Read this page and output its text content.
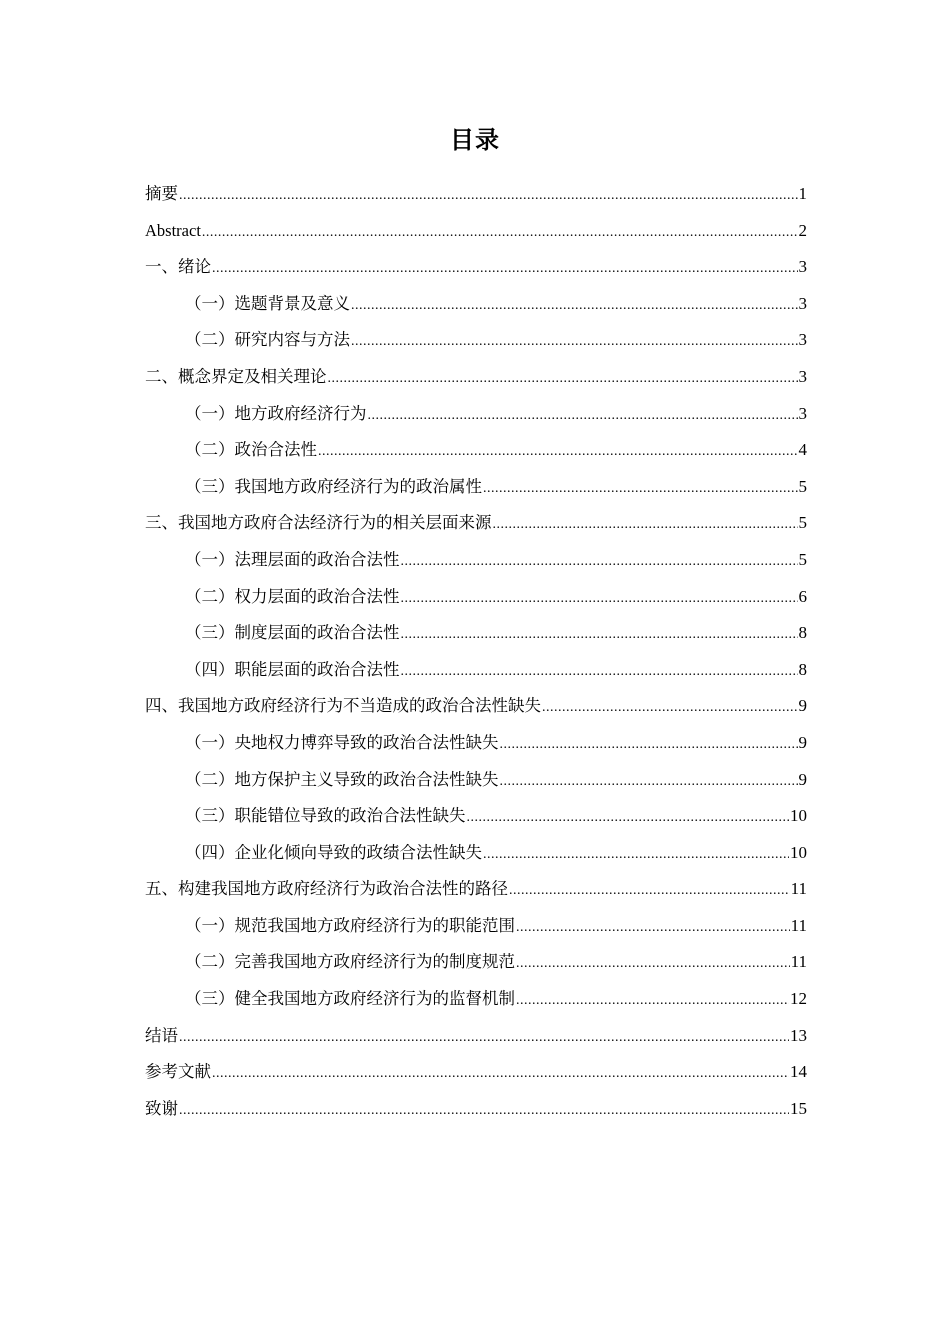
目录
摘要 .....	1
Abstract .....	2
一、绪论 .....	3
（一）选题背景及意义 .....	3
（二）研究内容与方法 .....	3
二、概念界定及相关理论 .....	3
（一）地方政府经济行为 .....	3
（二）政治合法性 .....	4
（三）我国地方政府经济行为的政治属性 .....	5
三、我国地方政府合法经济行为的相关层面来源 .....	5
（一）法理层面的政治合法性 .....	5
（二）权力层面的政治合法性 .....	6
（三）制度层面的政治合法性 .....	8
（四）职能层面的政治合法性 .....	8
四、我国地方政府经济行为不当造成的政治合法性缺失 .....	9
（一）央地权力博弈导致的政治合法性缺失 .....	9
（二）地方保护主义导致的政治合法性缺失 .....	9
（三）职能错位导致的政治合法性缺失 .....	10
（四）企业化倾向导致的政绩合法性缺失 .....	10
五、构建我国地方政府经济行为政治合法性的路径 .....	11
（一）规范我国地方政府经济行为的职能范围 .....	11
（二）完善我国地方政府经济行为的制度规范 .....	11
（三）健全我国地方政府经济行为的监督机制 .....	12
结语 .....	13
参考文献 .....	14
致谢 .....	15
